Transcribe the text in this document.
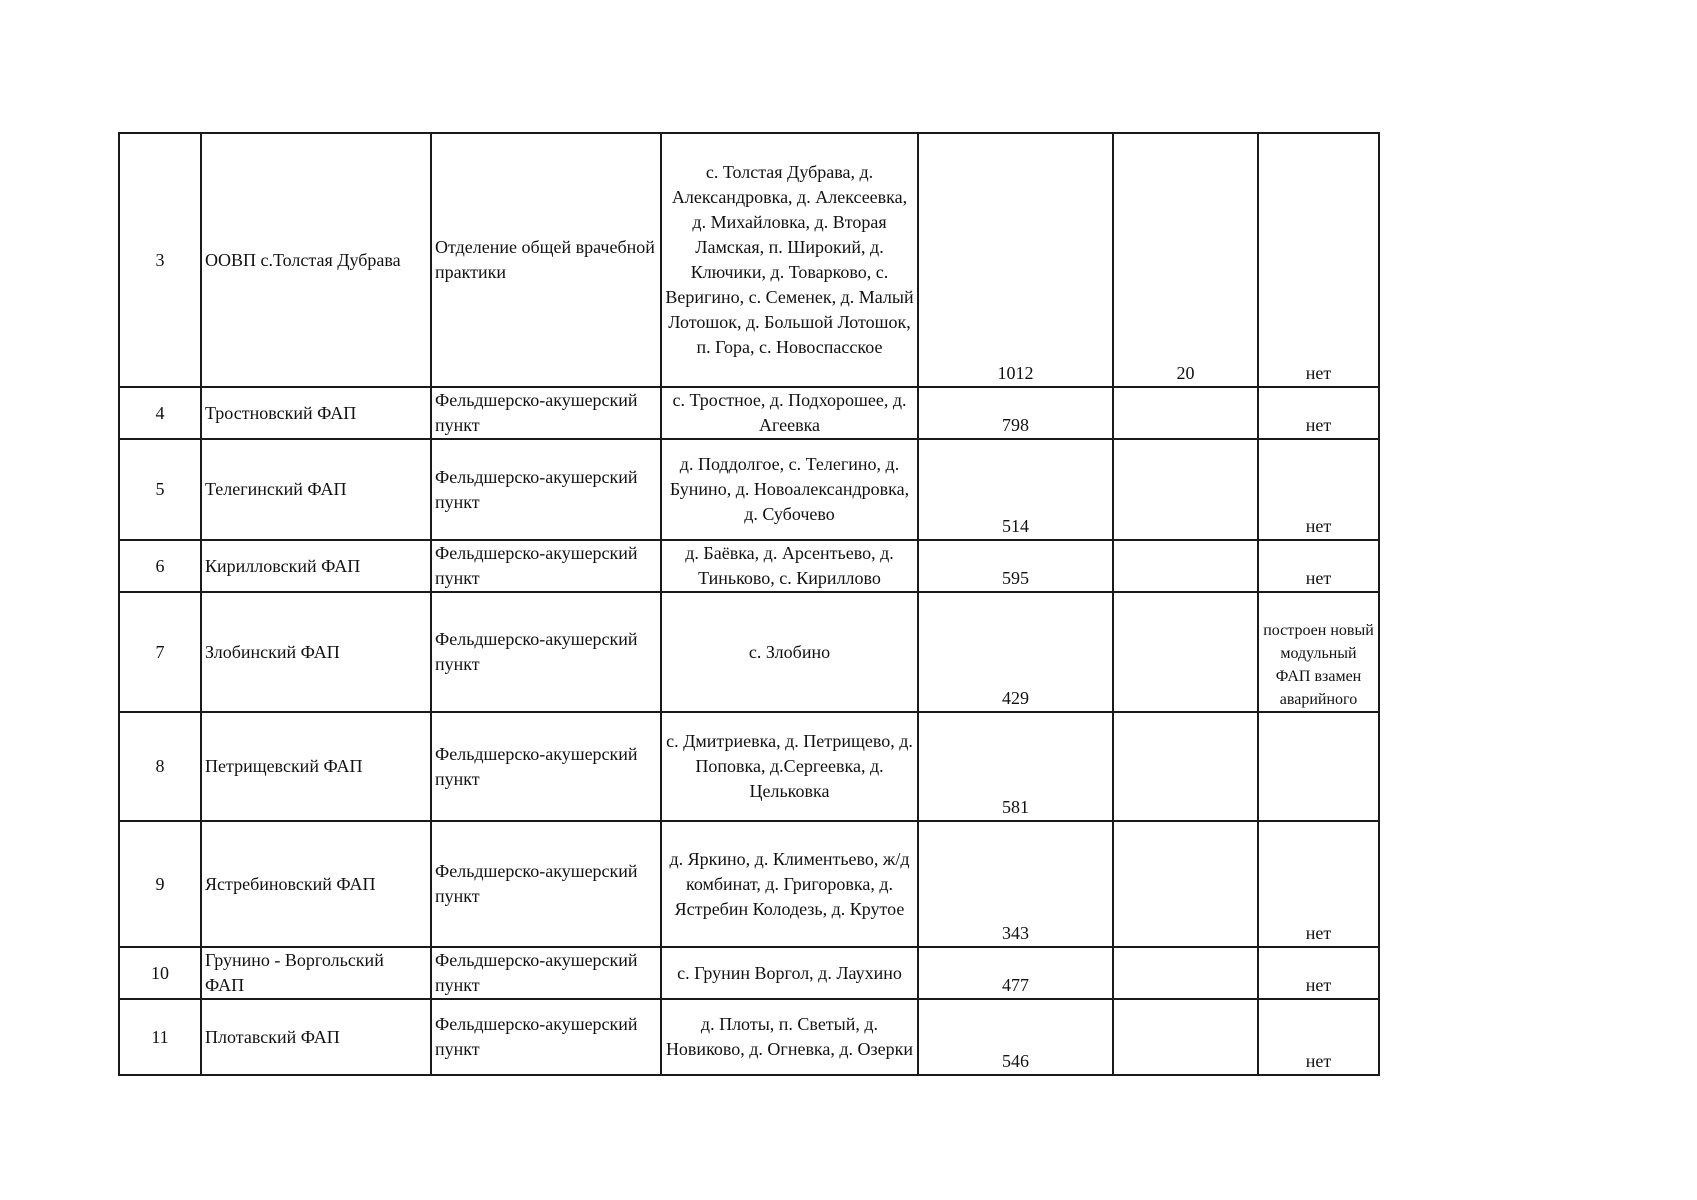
3	ООВП с.Толстая Дубрава	Отделение общей врачебной практики	с. Толстая Дубрава, д. Александровка, д. Алексеевка, д. Михайловка, д. Вторая Ламская, п. Широкий, д. Ключики, д. Товарково, с. Веригино, с. Семенек, д. Малый Лотошок, д. Большой Лотошок, п. Гора, с. Новоспасское	1012	20	нет
4	Тростновский ФАП	Фельдшерско-акушерский пункт	с. Тростное, д. Подхорошее, д. Агеевка	798		нет
5	Телегинский ФАП	Фельдшерско-акушерский пункт	д. Поддолгое, с. Телегино, д. Бунино, д. Новоалександровка, д. Субочево	514		нет
6	Кирилловский ФАП	Фельдшерско-акушерский пункт	д. Баёвка, д. Арсентьево, д. Тиньково, с. Кириллово	595		нет
7	Злобинский ФАП	Фельдшерско-акушерский пункт	с. Злобино	429		построен новый модульный ФАП взамен аварийного
8	Петрищевский ФАП	Фельдшерско-акушерский пункт	с. Дмитриевка, д. Петрищево, д. Поповка, д.Сергеевка, д. Цельковка	581		
9	Ястребиновский ФАП	Фельдшерско-акушерский пункт	д. Яркино, д. Климентьево, ж/д комбинат, д. Григоровка, д. Ястребин Колодезь, д. Крутое	343		нет
10	Грунино - Воргольский ФАП	Фельдшерско-акушерский пункт	с. Грунин Воргол, д. Лаухино	477		нет
11	Плотавский ФАП	Фельдшерско-акушерский пункт	д. Плоты, п. Светый, д. Новиково, д. Огневка, д. Озерки	546		нет
